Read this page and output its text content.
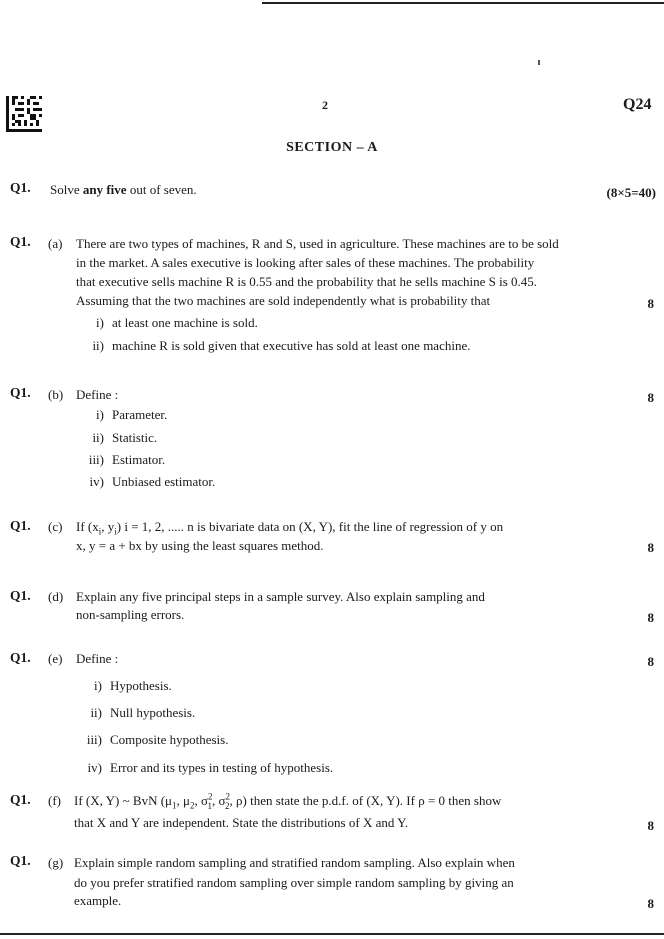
2	Q24
SECTION – A
Q1. Solve any five out of seven.	(8×5=40)
Q1. (a) There are two types of machines, R and S, used in agriculture. These machines are to be sold
in the market. A sales executive is looking after sales of these machines. The probability
that executive sells machine R is 0.55 and the probability that he sells machine S is 0.45.
Assuming that the two machines are sold independently what is probability that	8
i) at least one machine is sold.
ii) machine R is sold given that executive has sold at least one machine.
Q1. (b) Define :	8
i) Parameter.
ii) Statistic.
iii) Estimator.
iv) Unbiased estimator.
Q1. (c) If ($x_i$, $y_i$) i = 1, 2, ..... n is bivariate data on (X, Y), fit the line of regression of y on
x, y = a + bx by using the least squares method.	8
Q1. (d) Explain any five principal steps in a sample survey. Also explain sampling and
non-sampling errors.	8
Q1. (e) Define :	8
i) Hypothesis.
ii) Null hypothesis.
iii) Composite hypothesis.
iv) Error and its types in testing of hypothesis.
Q1. (f) If (X, Y) ~ BvN ($\mu_1$, $\mu_2$, $\sigma^2_1$, $\sigma^2_2$, ρ) then state the p.d.f. of (X, Y). If ρ = 0 then show
that X and Y are independent. State the distributions of X and Y.	8
Q1. (g) Explain simple random sampling and stratified random sampling. Also explain when
do you prefer stratified random sampling over simple random sampling by giving an
example.	8
